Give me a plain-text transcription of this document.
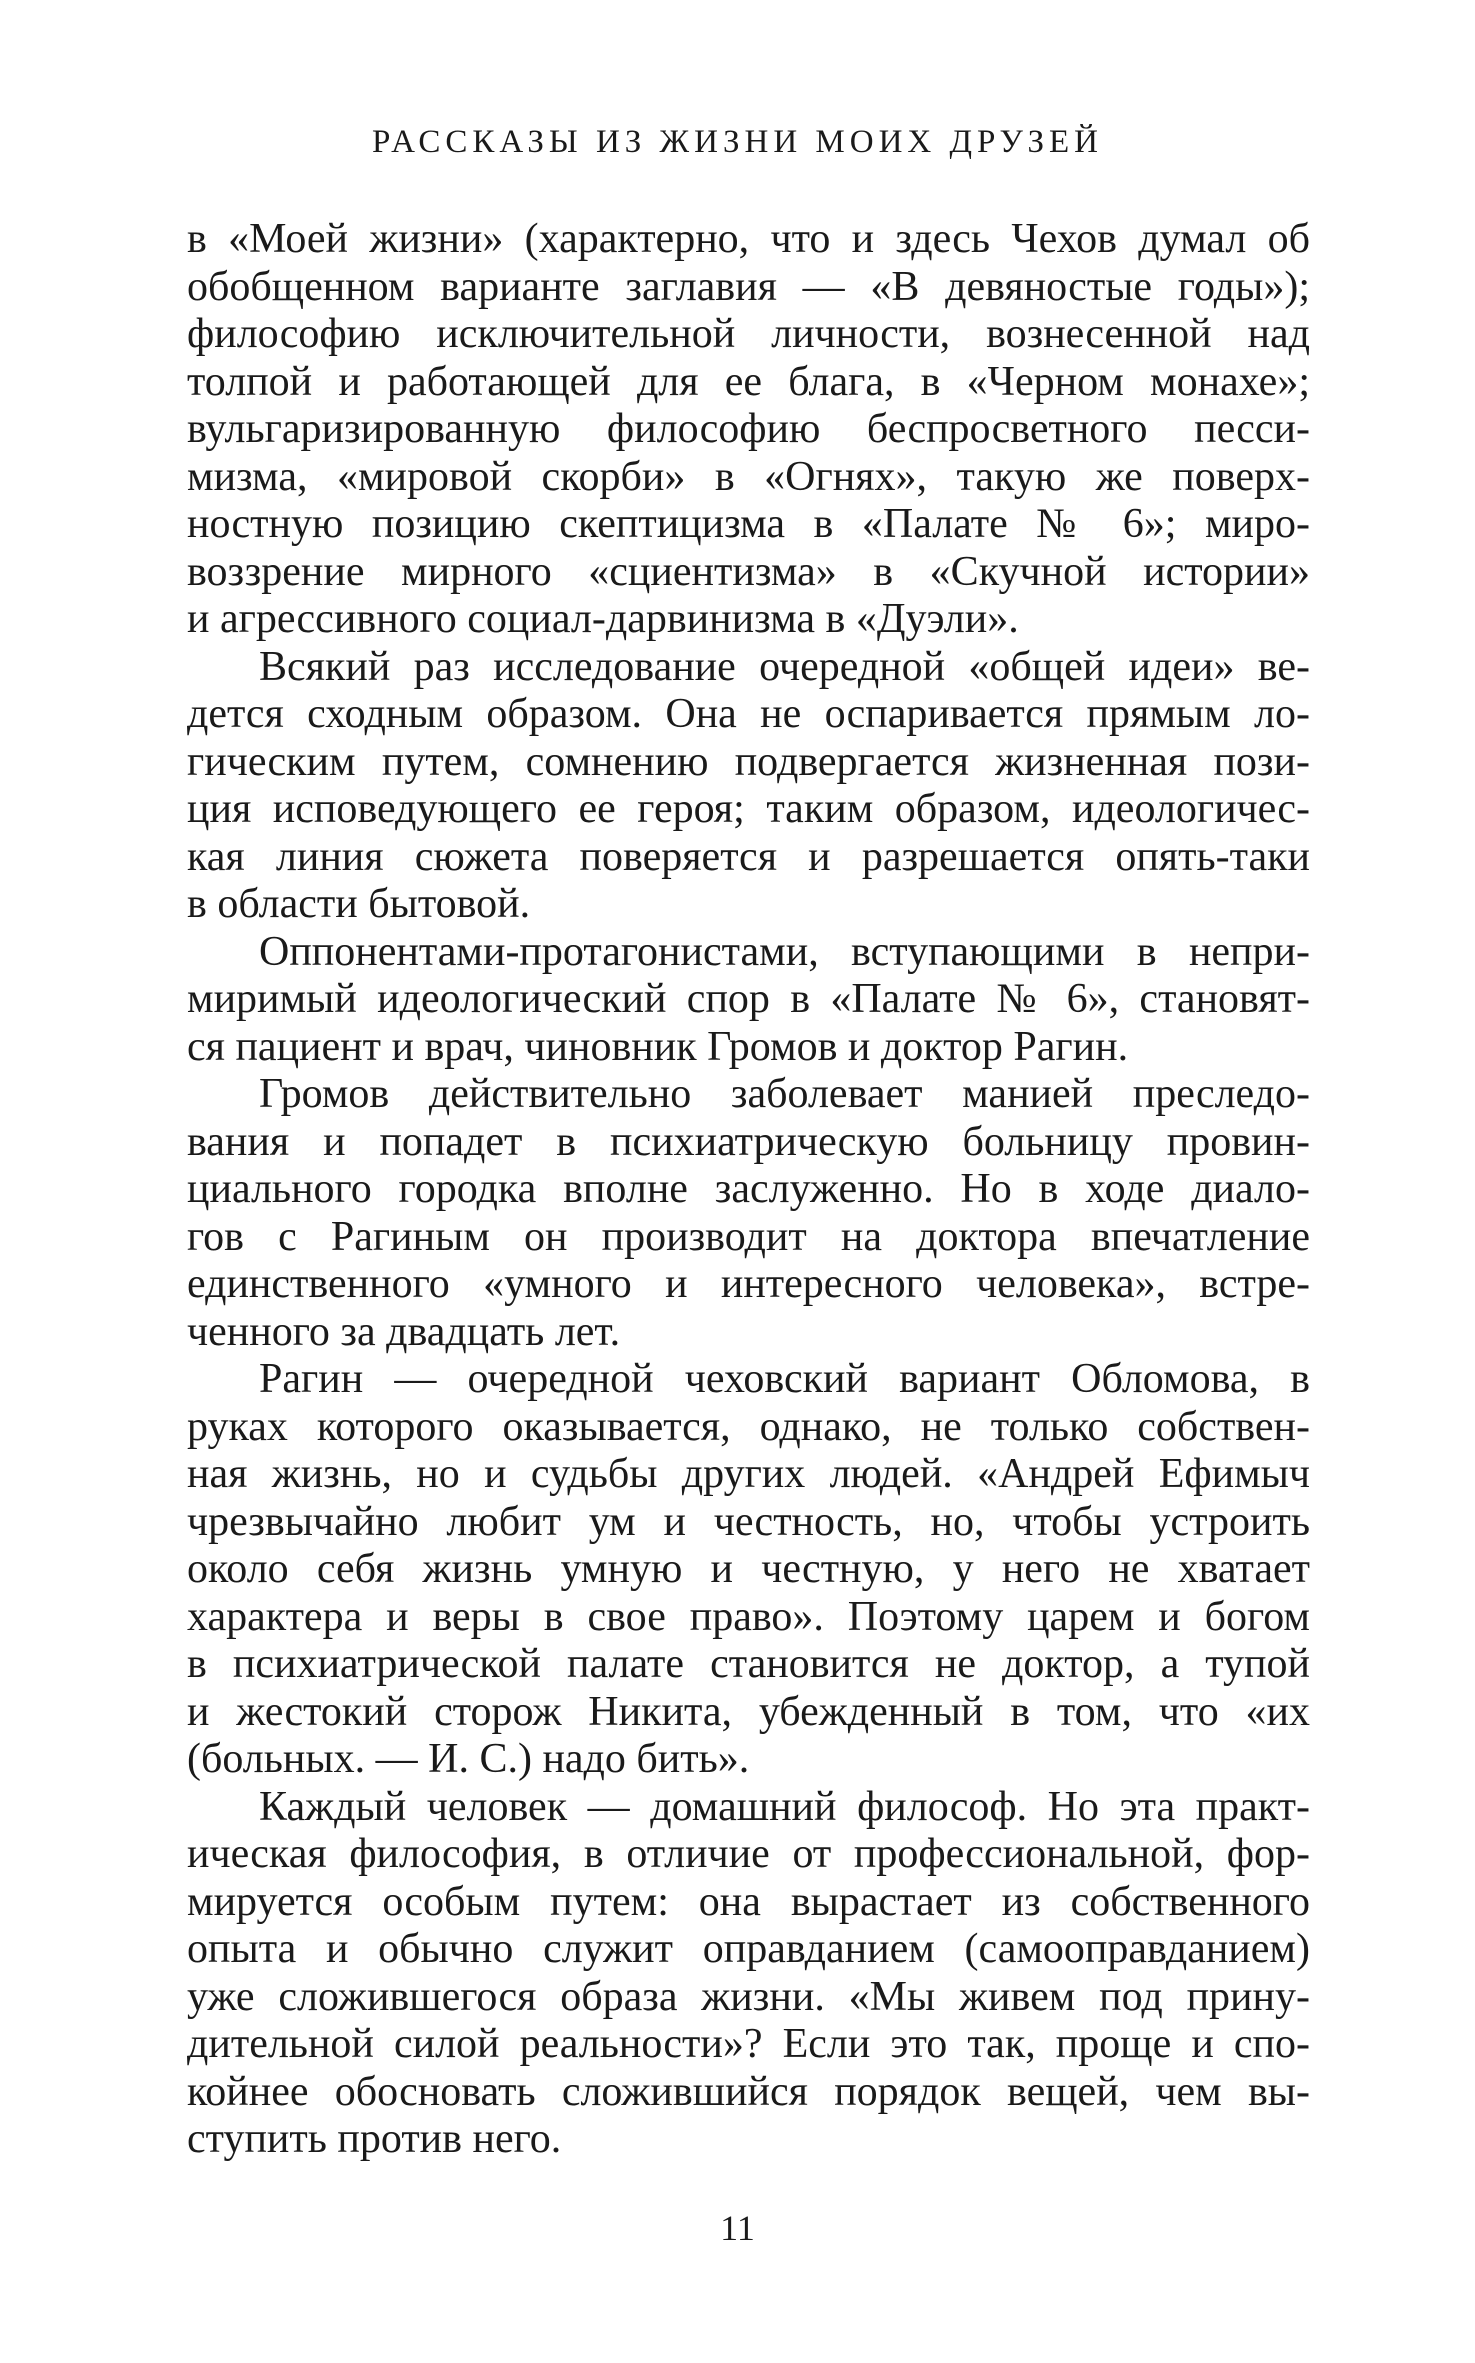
РАССКАЗЫ ИЗ ЖИЗНИ МОИХ ДРУЗЕЙ
в «Моей жизни» (характерно, что и здесь Чехов думал об
обобщенном варианте заглавия — «В девяностые годы»);
философию исключительной личности, вознесенной над
толпой и работающей для ее блага, в «Черном монахе»;
вульгаризированную философию беспросветного песси-
мизма, «мировой скорби» в «Огнях», такую же поверх-
ностную позицию скептицизма в «Палате № 6»; миро-
воззрение мирного «сциентизма» в «Скучной истории»
и агрессивного социал-дарвинизма в «Дуэли».
Всякий раз исследование очередной «общей идеи» ве-
дется сходным образом. Она не оспаривается прямым ло-
гическим путем, сомнению подвергается жизненная пози-
ция исповедующего ее героя; таким образом, идеологичес-
кая линия сюжета поверяется и разрешается опять-таки
в области бытовой.
Оппонентами-протагонистами, вступающими в непри-
миримый идеологический спор в «Палате № 6», становят-
ся пациент и врач, чиновник Громов и доктор Рагин.
Громов действительно заболевает манией преследо-
вания и попадет в психиатрическую больницу провин-
циального городка вполне заслуженно. Но в ходе диало-
гов с Рагиным он производит на доктора впечатление
единственного «умного и интересного человека», встре-
ченного за двадцать лет.
Рагин — очередной чеховский вариант Обломова, в
руках которого оказывается, однако, не только собствен-
ная жизнь, но и судьбы других людей. «Андрей Ефимыч
чрезвычайно любит ум и честность, но, чтобы устроить
около себя жизнь умную и честную, у него не хватает
характера и веры в свое право». Поэтому царем и богом
в психиатрической палате становится не доктор, а тупой
и жестокий сторож Никита, убежденный в том, что «их
(больных. — И. С.) надо бить».
Каждый человек — домашний философ. Но эта практ-
ическая философия, в отличие от профессиональной, фор-
мируется особым путем: она вырастает из собственного
опыта и обычно служит оправданием (самооправданием)
уже сложившегося образа жизни. «Мы живем под прину-
дительной силой реальности»? Если это так, проще и спо-
койнее обосновать сложившийся порядок вещей, чем вы-
ступить против него.
11
